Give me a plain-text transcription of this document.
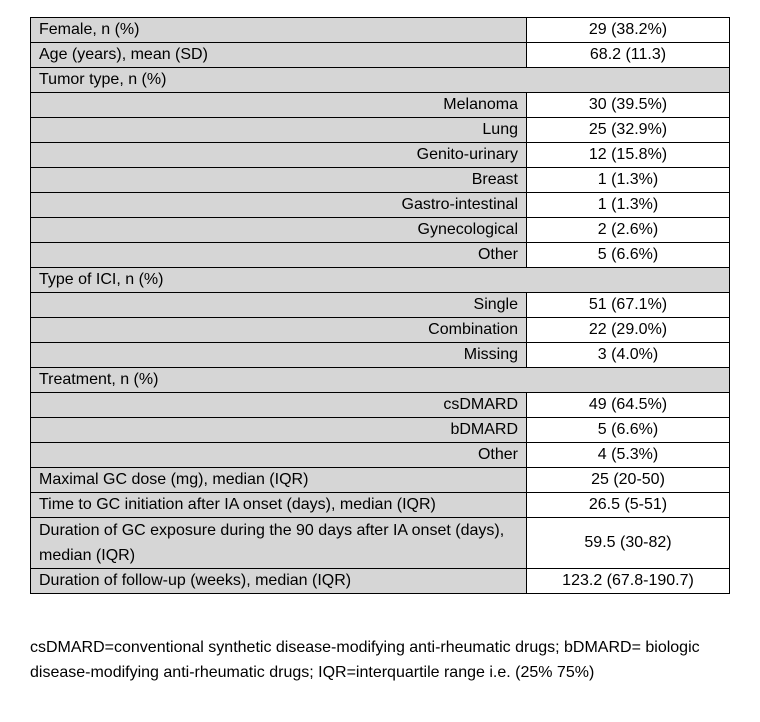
Female, n (%)	29 (38.2%)
Age (years), mean (SD)	68.2 (11.3)
Tumor type, n (%)	
Melanoma	30 (39.5%)
Lung	25 (32.9%)
Genito-urinary	12 (15.8%)
Breast	1 (1.3%)
Gastro-intestinal	1 (1.3%)
Gynecological	2 (2.6%)
Other	5 (6.6%)
Type of ICI, n (%)	
Single	51 (67.1%)
Combination	22 (29.0%)
Missing	3 (4.0%)
Treatment, n (%)	
csDMARD	49 (64.5%)
bDMARD	5 (6.6%)
Other	4 (5.3%)
Maximal GC dose (mg), median (IQR)	25 (20-50)
Time to GC initiation after IA onset (days), median (IQR)	26.5 (5-51)
Duration of GC exposure during the 90 days after IA onset (days), median (IQR)	59.5 (30-82)
Duration of follow-up (weeks), median (IQR)	123.2 (67.8-190.7)
csDMARD=conventional synthetic disease-modifying anti-rheumatic drugs; bDMARD= biologic disease-modifying anti-rheumatic drugs; IQR=interquartile range i.e. (25% 75%)
